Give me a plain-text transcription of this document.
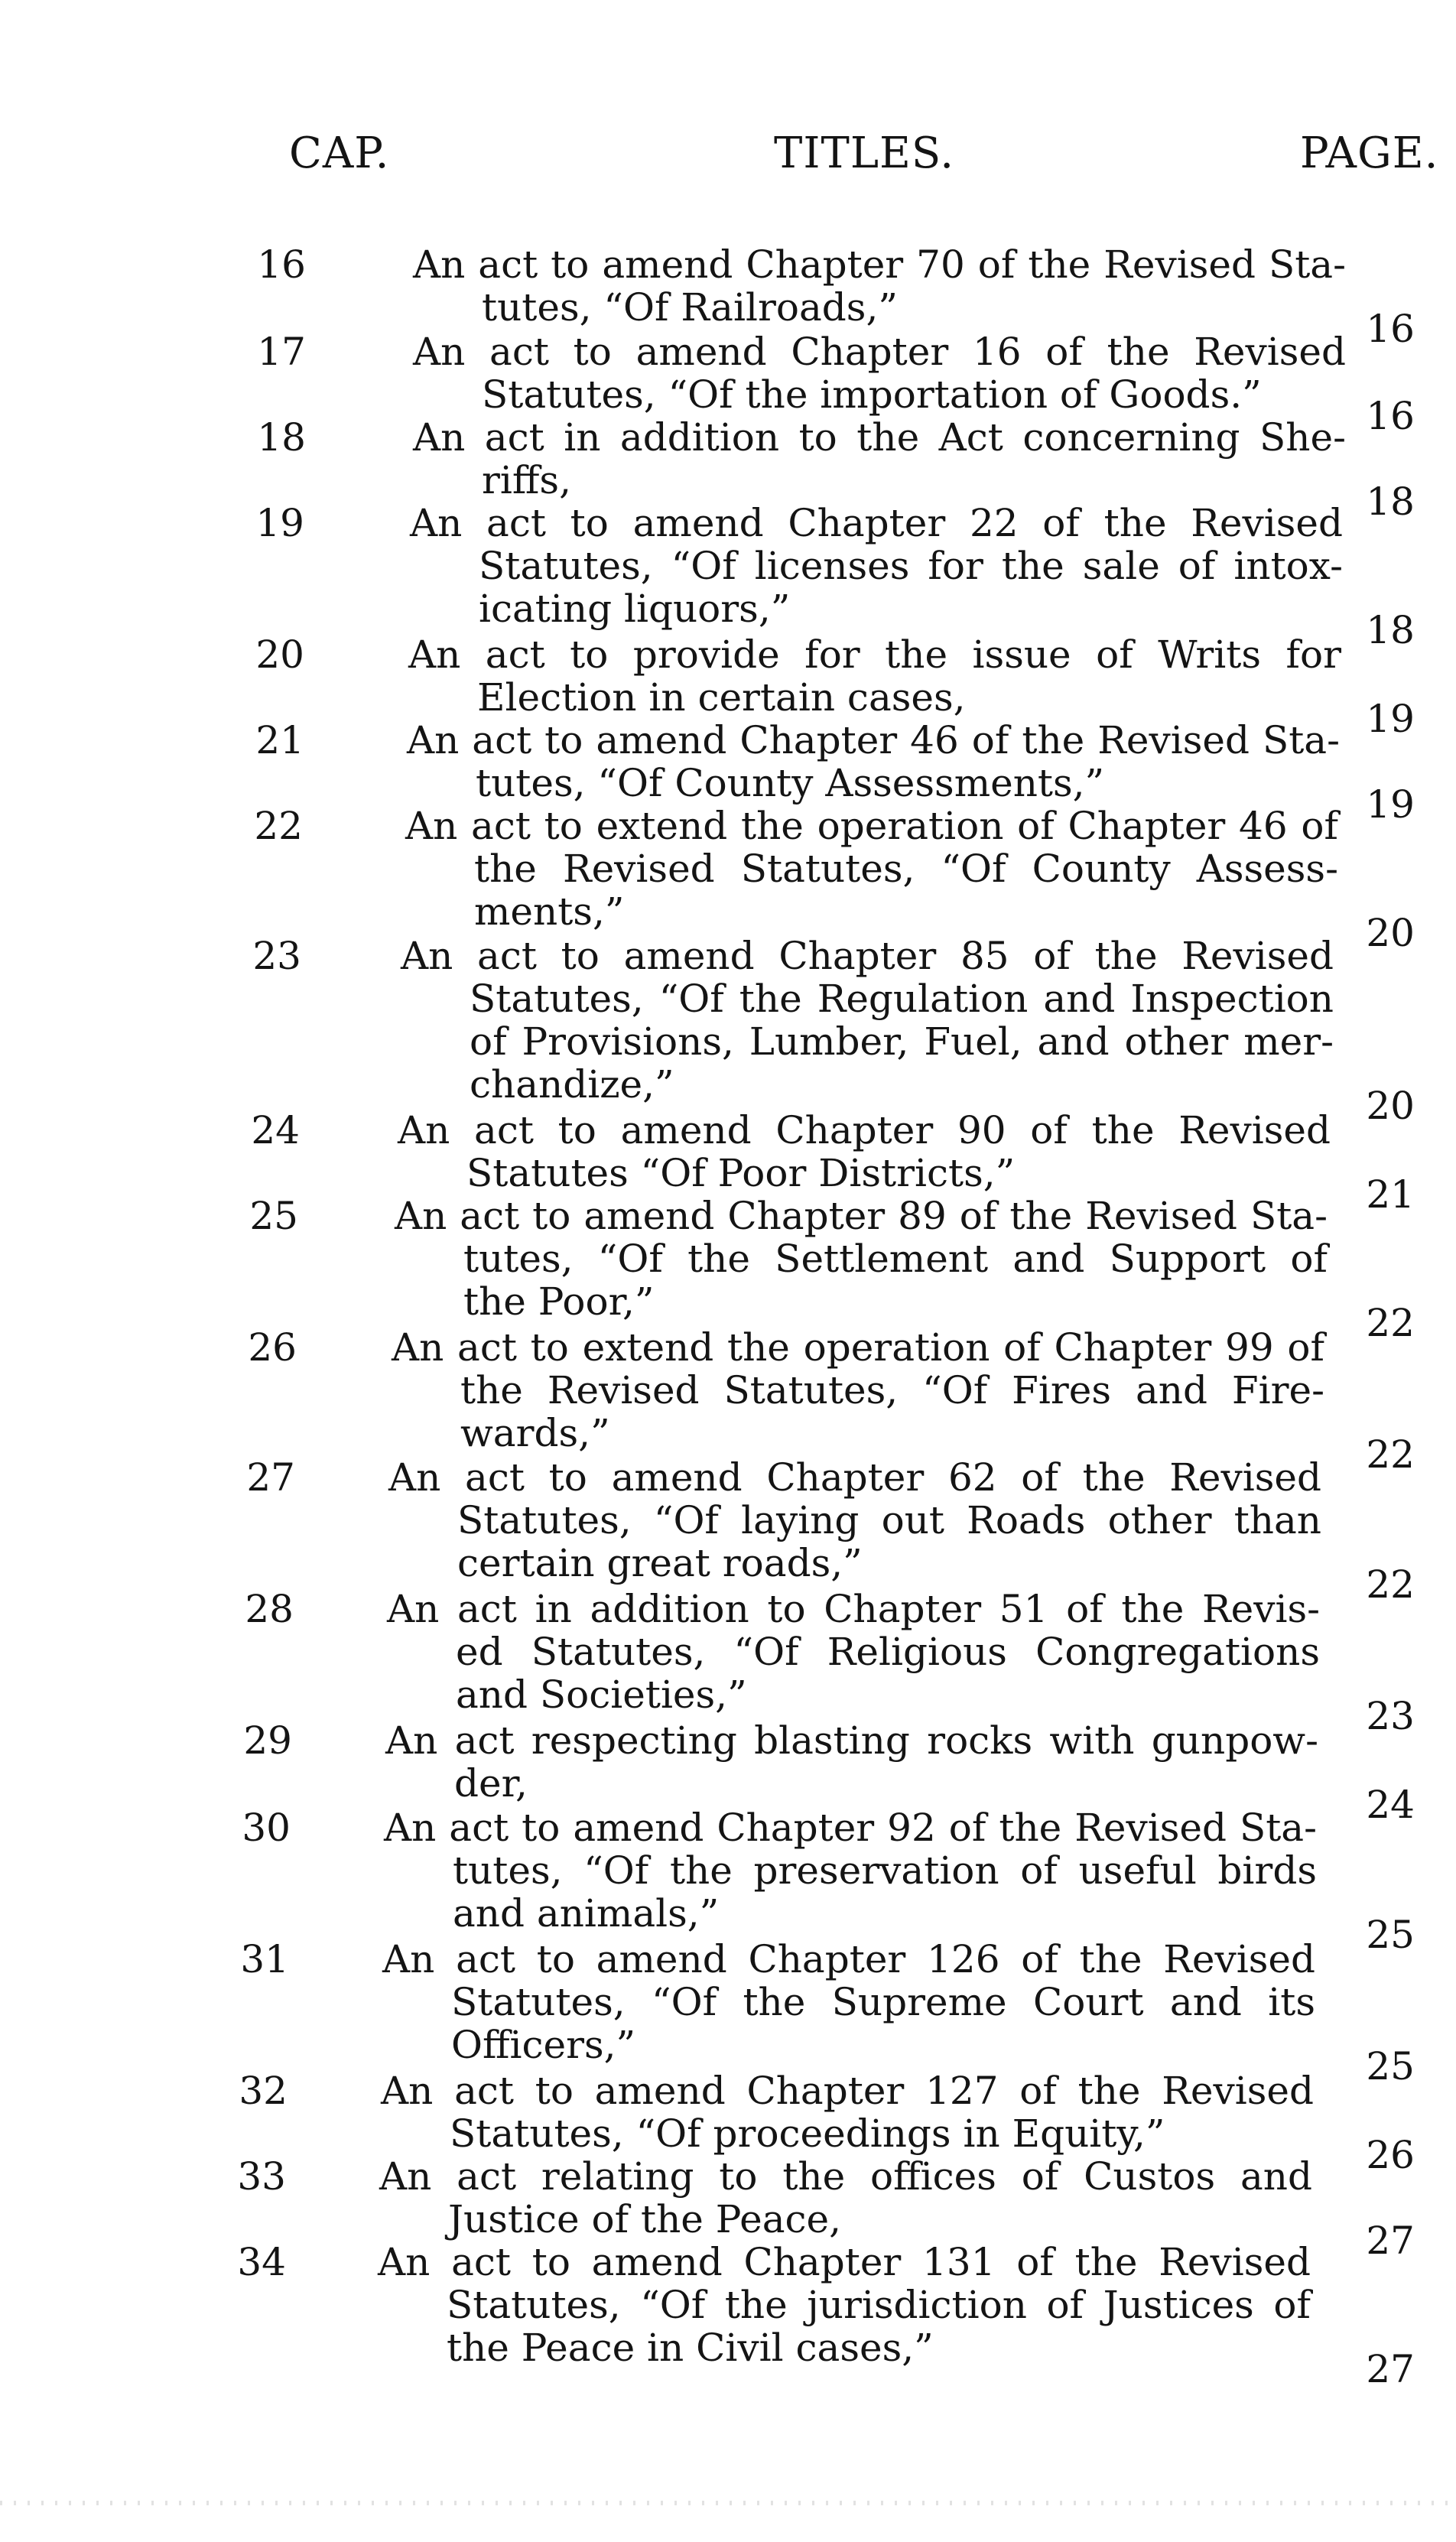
CAP.	TITLES.	PAGE.
16	An act to amend Chapter 70 of the Revised Sta-
tutes, “Of Railroads,”	16
17	An act to amend Chapter 16 of the Revised
Statutes, “Of the importation of Goods.”	16
18	An act in addition to the Act concerning She-
riffs,	18
19	An act to amend Chapter 22 of the Revised
Statutes, “Of licenses for the sale of intox-
icating liquors,”	18
20	An act to provide for the issue of Writs for
Election in certain cases,	19
21	An act to amend Chapter 46 of the Revised Sta-
tutes, “Of County Assessments,”	19
22	An act to extend the operation of Chapter 46 of
the Revised Statutes, “Of County Assess-
ments,”	20
23	An act to amend Chapter 85 of the Revised
Statutes, “Of the Regulation and Inspection
of Provisions, Lumber, Fuel, and other mer-
chandize,”	20
24	An act to amend Chapter 90 of the Revised
Statutes “Of Poor Districts,”	21
25	An act to amend Chapter 89 of the Revised Sta-
tutes, “Of the Settlement and Support of
the Poor,”	22
26 An act to extend the operation of Chapter 99 of
the Revised Statutes, “Of Fires and Fire-
wards,”	22
27 An act to amend Chapter 62 of the Revised
Statutes, “Of laying out Roads other than
certain great roads,”	22
28 An act in addition to Chapter 51 of the Revis-
ed Statutes, “Of Religious Congregations
and Societies,”	23
29 An act respecting blasting rocks with gunpow-
der,	24
30 An act to amend Chapter 92 of the Revised Sta-
tutes, “Of the preservation of useful birds
and animals,”	25
31 An act to amend Chapter 126 of the Revised
Statutes, “Of the Supreme Court and its
Officers,”	25
32 An act to amend Chapter 127 of the Revised
Statutes, “Of proceedings in Equity,”	26
33 An act relating to the offices of Custos and
Justice of the Peace,	27
34 An act to amend Chapter 131 of the Revised
Statutes, “Of the jurisdiction of Justices of
the Peace in Civil cases,”	27
